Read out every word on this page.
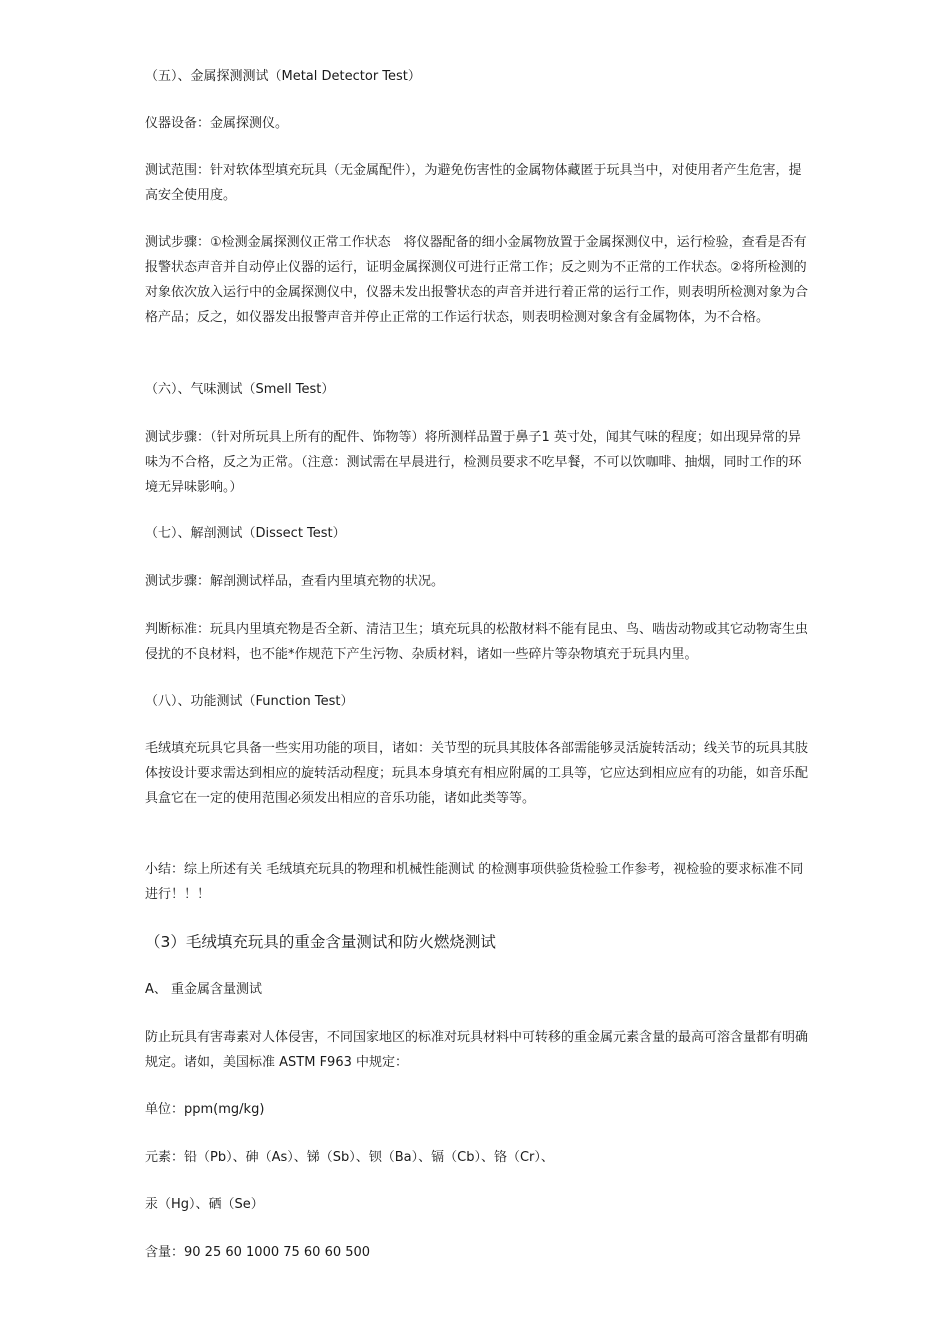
（五）、金属探测测试（Metal Detector Test）

仪器设备：金属探测仪。

测试范围：针对软体型填充玩具（无金属配件），为避免伤害性的金属物体藏匿于玩具当中，对使用者产生危害，提高安全使用度。

测试步骤：①检测金属探测仪正常工作状态　将仪器配备的细小金属物放置于金属探测仪中，运行检验，查看是否有报警状态声音并自动停止仪器的运行，证明金属探测仪可进行正常工作；反之则为不正常的工作状态。②将所检测的对象依次放入运行中的金属探测仪中，仪器未发出报警状态的声音并进行着正常的运行工作，则表明所检测对象为合格产品；反之，如仪器发出报警声音并停止正常的工作运行状态，则表明检测对象含有金属物体，为不合格。

（六）、气味测试（Smell Test）

测试步骤：（针对所玩具上所有的配件、饰物等）将所测样品置于鼻子1 英寸处，闻其气味的程度；如出现异常的异味为不合格，反之为正常。（注意：测试需在早晨进行，检测员要求不吃早餐，不可以饮咖啡、抽烟，同时工作的环境无异味影响。）

（七）、解剖测试（Dissect Test）

测试步骤：解剖测试样品，查看内里填充物的状况。

判断标准：玩具内里填充物是否全新、清洁卫生；填充玩具的松散材料不能有昆虫、鸟、啮齿动物或其它动物寄生虫侵扰的不良材料，也不能*作规范下产生污物、杂质材料，诸如一些碎片等杂物填充于玩具内里。

（八）、功能测试（Function Test）

毛绒填充玩具它具备一些实用功能的项目，诸如：关节型的玩具其肢体各部需能够灵活旋转活动；线关节的玩具其肢体按设计要求需达到相应的旋转活动程度；玩具本身填充有相应附属的工具等，它应达到相应应有的功能，如音乐配具盒它在一定的使用范围必须发出相应的音乐功能，诸如此类等等。

小结：综上所述有关 毛绒填充玩具的物理和机械性能测试 的检测事项供验货检验工作参考，视检验的要求标准不同进行！！！

（3）毛绒填充玩具的重金含量测试和防火燃烧测试

A、 重金属含量测试

防止玩具有害毒素对人体侵害，不同国家地区的标准对玩具材料中可转移的重金属元素含量的最高可溶含量都有明确规定。诸如，美国标准 ASTM F963 中规定：

单位：ppm(mg/kg)

元素：铅（Pb）、砷（As）、锑（Sb）、钡（Ba）、镉（Cb）、铬（Cr）、

汞（Hg）、硒（Se）

含量：90 25 60 1000 75 60 60 500
